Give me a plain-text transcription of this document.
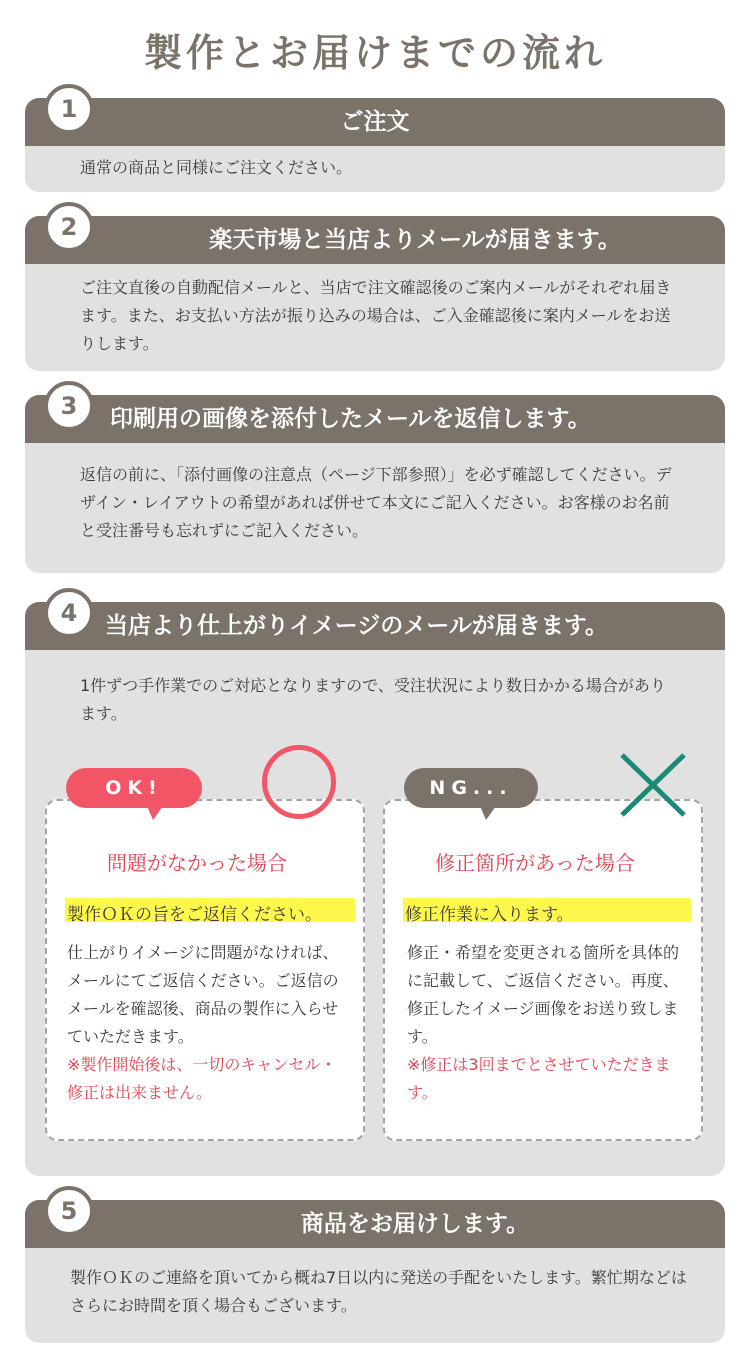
製作とお届けまでの流れ
ご注文

通常の商品と同様にご注文ください。

1
楽天市場と当店よりメールが届きます。

ご注文直後の自動配信メールと、当店で注文確認後のご案内メールがそれぞれ届きます。また、お支払い方法が振り込みの場合は、ご入金確認後に案内メールをお送りします。

2
印刷用の画像を添付したメールを返信します。

返信の前に、「添付画像の注意点（ページ下部参照）」を必ず確認してください。デザイン・レイアウトの希望があれば併せて本文にご記入ください。お客様のお名前と受注番号も忘れずにご記入ください。

3
当店より仕上がりイメージのメールが届きます。

1件ずつ手作業でのご対応となりますので、受注状況により数日かかる場合があります。

4
問題がなかった場合
製作ＯＫの旨をご返信ください。

仕上がりイメージに問題がなければ、メールにてご返信ください。ご返信のメールを確認後、商品の製作に入らせていただきます。

※製作開始後は、一切のキャンセル・修正は出来ません。

OK!
修正箇所があった場合
修正作業に入ります。

修正・希望を変更される箇所を具体的に記載して、ご返信ください。再度、修正したイメージ画像をお送り致します。

※修正は3回までとさせていただきます。

NG...
商品をお届けします。

製作ＯＫのご連絡を頂いてから概ね7日以内に発送の手配をいたします。繁忙期などはさらにお時間を頂く場合もございます。

5
